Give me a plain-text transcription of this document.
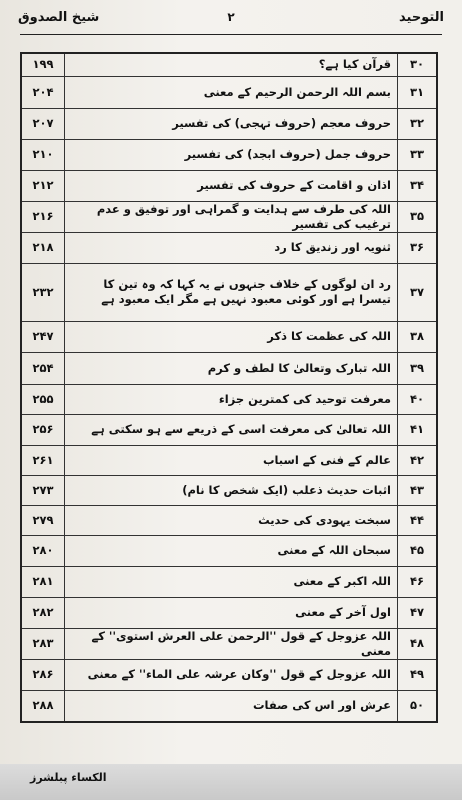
التوحید
۲
شیخ الصدوق
۳۰	قرآن کیا ہے؟	۱۹۹
۳۱	بسم اللہ الرحمن الرحیم کے معنی	۲۰۴
۳۲	حروف معجم (حروف تہجی) کی تفسیر	۲۰۷
۳۳	حروف جمل (حروف ابجد) کی تفسیر	۲۱۰
۳۴	اذان و اقامت کے حروف کی تفسیر	۲۱۲
۳۵	اللہ کی طرف سے ہدایت و گمراہی اور توفیق و عدم ترغیب کی تفسیر	۲۱۶
۳۶	ثنویہ اور زندیق کا رد	۲۱۸
۳۷	رد ان لوگوں کے خلاف جنہوں نے یہ کہا کہ وہ تین کا تیسرا ہے اور کوئی معبود نہیں ہے مگر ایک معبود ہے	۲۳۲
۳۸	اللہ کی عظمت کا ذکر	۲۴۷
۳۹	اللہ تبارک وتعالیٰ کا لطف و کرم	۲۵۴
۴۰	معرفت توحید کی کمترین جزاء	۲۵۵
۴۱	اللہ تعالیٰ کی معرفت اسی کے ذریعے سے ہو سکتی ہے	۲۵۶
۴۲	عالم کے فنی کے اسباب	۲۶۱
۴۳	اثبات حدیث ذعلب (ایک شخص کا نام)	۲۷۳
۴۴	سبخت یہودی کی حدیث	۲۷۹
۴۵	سبحان اللہ کے معنی	۲۸۰
۴۶	اللہ اکبر کے معنی	۲۸۱
۴۷	اول آخر کے معنی	۲۸۲
۴۸	اللہ عزوجل کے قول ''الرحمن علی العرش استوی'' کے معنی	۲۸۳
۴۹	اللہ عزوجل کے قول ''وکان عرشہ علی الماء'' کے معنی	۲۸۶
۵۰	عرش اور اس کی صفات	۲۸۸
الکساء پبلشرز
